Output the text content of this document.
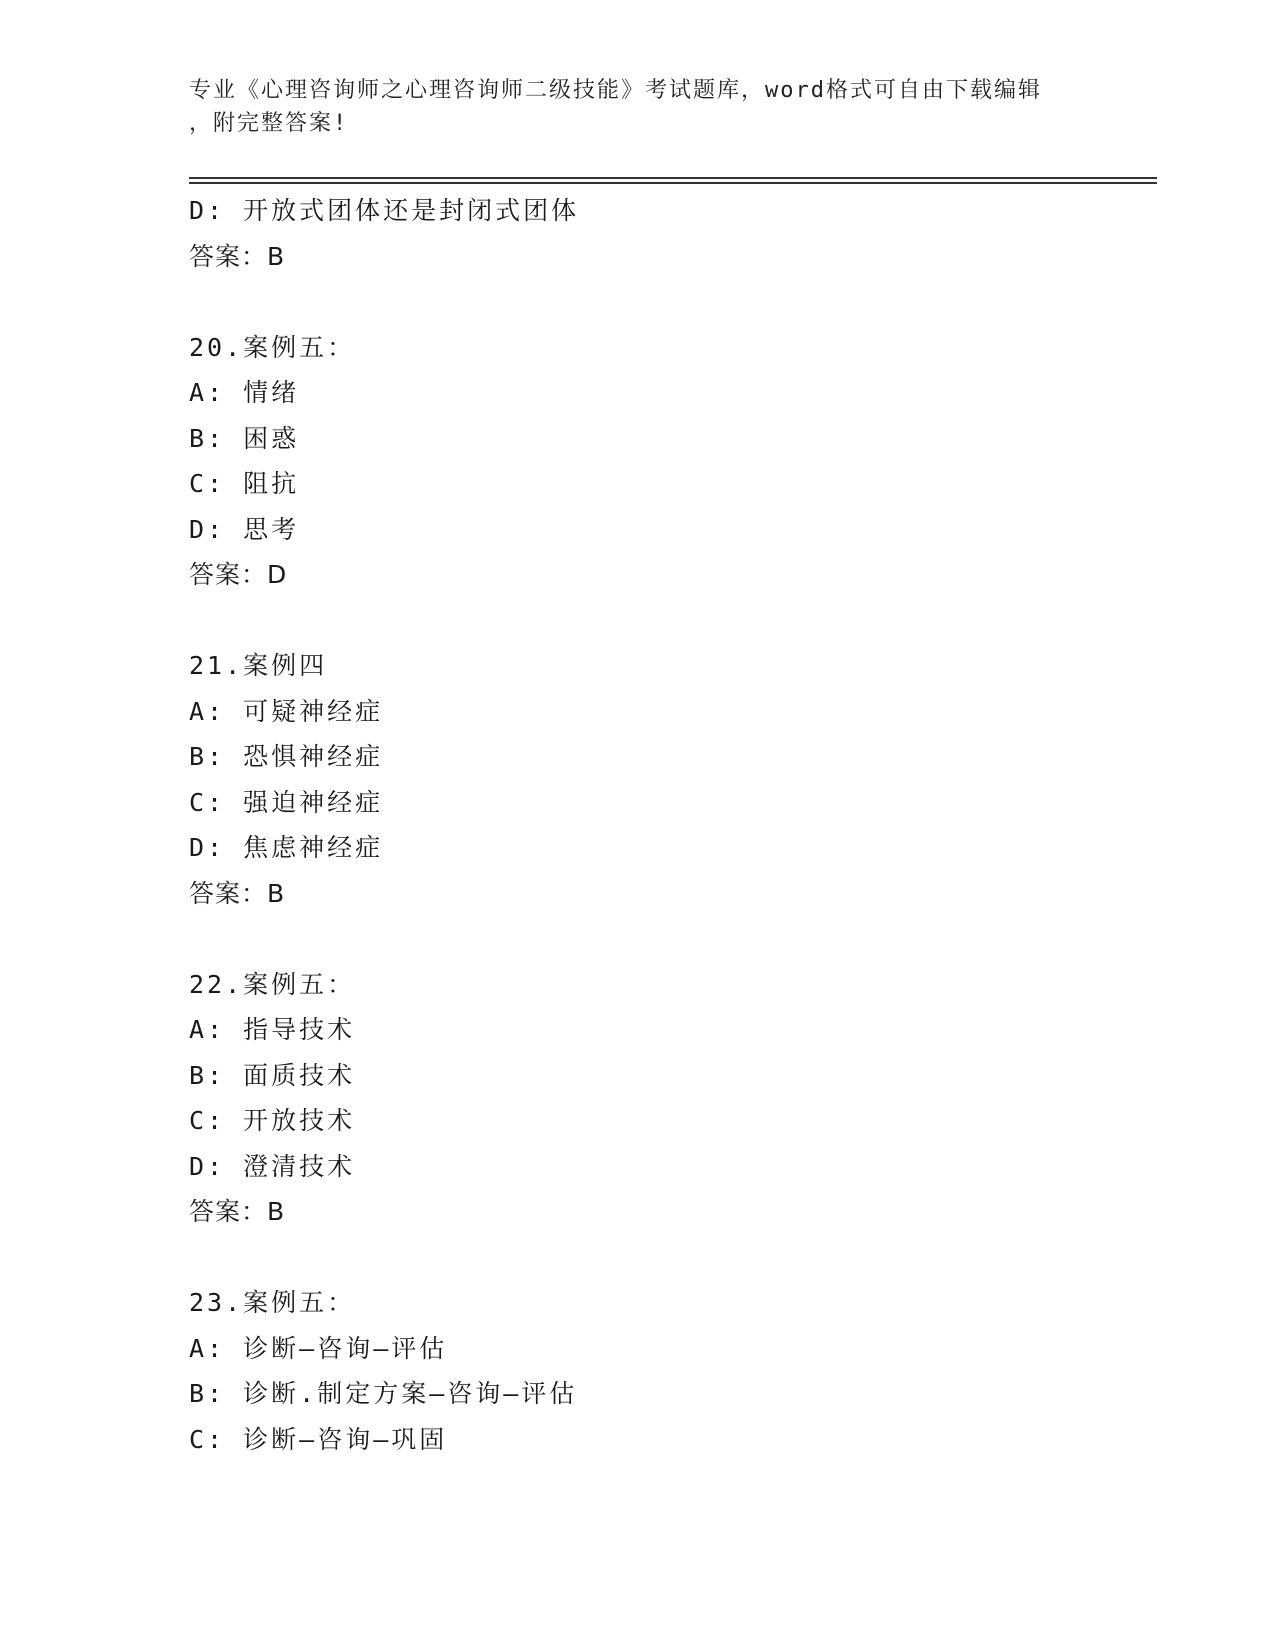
专业《心理咨询师之心理咨询师二级技能》考试题库，word格式可自由下载编辑
，附完整答案!
D: 开放式团体还是封闭式团体
答案：B
20.案例五：
A: 情绪
B: 困惑
C: 阻抗
D: 思考
答案：D
21.案例四
A: 可疑神经症
B: 恐惧神经症
C: 强迫神经症
D: 焦虑神经症
答案：B
22.案例五：
A: 指导技术
B: 面质技术
C: 开放技术
D: 澄清技术
答案：B
23.案例五：
A: 诊断—咨询—评估
B: 诊断.制定方案—咨询—评估
C: 诊断—咨询—巩固
